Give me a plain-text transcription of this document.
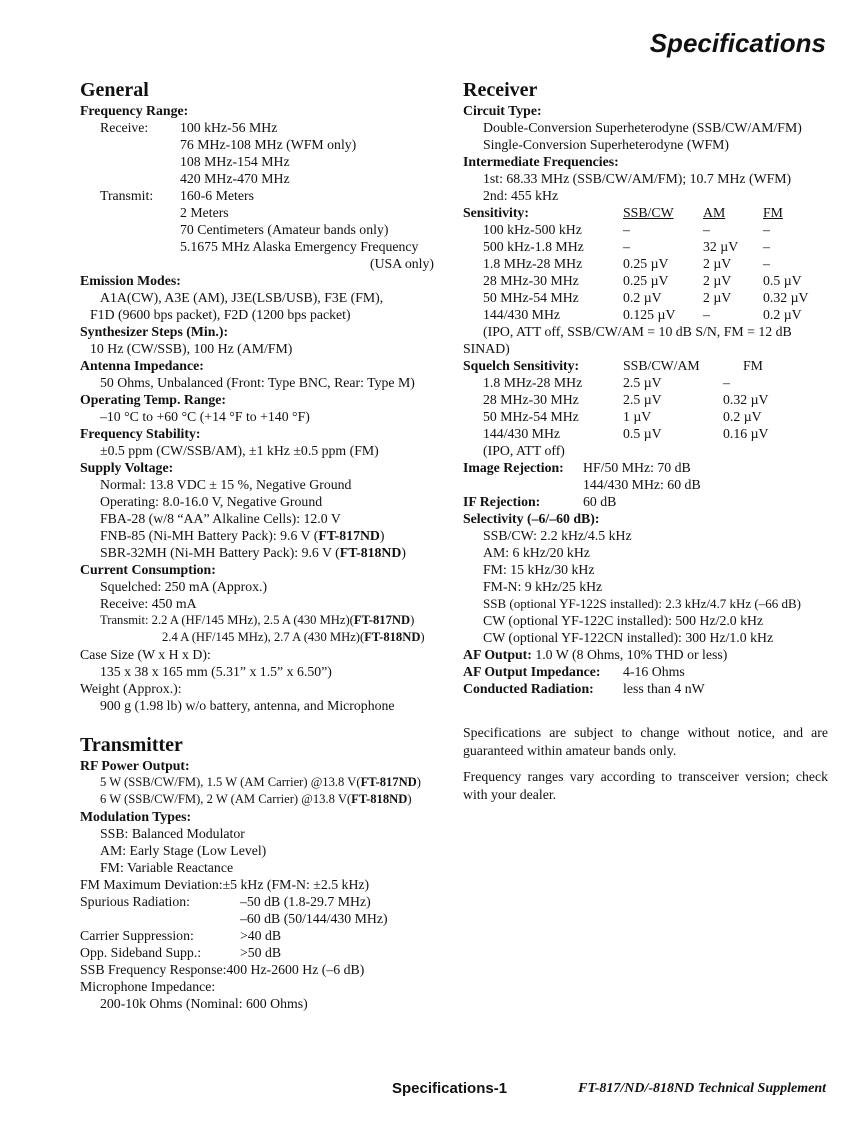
Specifications
General
Frequency Range:
Receive: 100 kHz-56 MHz
76 MHz-108 MHz (WFM only)
108 MHz-154 MHz
420 MHz-470 MHz
Transmit: 160-6 Meters
2 Meters
70 Centimeters (Amateur bands only)
5.1675 MHz Alaska Emergency Frequency
(USA only)
Emission Modes:
A1A(CW), A3E (AM), J3E(LSB/USB), F3E (FM),
F1D (9600 bps packet), F2D (1200 bps packet)
Synthesizer Steps (Min.):
10 Hz (CW/SSB), 100 Hz (AM/FM)
Antenna Impedance:
50 Ohms, Unbalanced (Front: Type BNC, Rear: Type M)
Operating Temp. Range:
–10 °C to +60 °C (+14 °F to +140 °F)
Frequency Stability:
±0.5 ppm (CW/SSB/AM), ±1 kHz ±0.5 ppm (FM)
Supply Voltage:
Normal: 13.8 VDC ± 15 %, Negative Ground
Operating: 8.0-16.0 V, Negative Ground
FBA-28 (w/8 “AA” Alkaline Cells): 12.0 V
FNB-85 (Ni-MH Battery Pack): 9.6 V (FT-817ND)
SBR-32MH (Ni-MH Battery Pack): 9.6 V (FT-818ND)
Current Consumption:
Squelched: 250 mA (Approx.)
Receive: 450 mA
Transmit: 2.2 A (HF/145 MHz), 2.5 A (430 MHz)(FT-817ND)
2.4 A (HF/145 MHz), 2.7 A (430 MHz)(FT-818ND)
Case Size (W x H x D):
135 x 38 x 165 mm (5.31” x 1.5” x 6.50”)
Weight (Approx.):
900 g (1.98 lb) w/o battery, antenna, and Microphone
Transmitter
RF Power Output:
5 W (SSB/CW/FM), 1.5 W (AM Carrier) @13.8 V(FT-817ND)
6 W (SSB/CW/FM), 2 W (AM Carrier) @13.8 V(FT-818ND)
Modulation Types:
SSB: Balanced Modulator
AM: Early Stage (Low Level)
FM: Variable Reactance
FM Maximum Deviation:±5 kHz (FM-N: ±2.5 kHz)
Spurious Radiation:	–50 dB (1.8-29.7 MHz)
–60 dB (50/144/430 MHz)
Carrier Suppression:	>40 dB
Opp. Sideband Supp.:	>50 dB
SSB Frequency Response:400 Hz-2600 Hz (–6 dB)
Microphone Impedance:
200-10k Ohms (Nominal: 600 Ohms)
Receiver
Circuit Type:
Double-Conversion Superheterodyne (SSB/CW/AM/FM)
Single-Conversion Superheterodyne (WFM)
Intermediate Frequencies:
1st: 68.33 MHz (SSB/CW/AM/FM); 10.7 MHz (WFM)
2nd: 455 kHz
Sensitivity:	SSB/CW AM	FM
100 kHz-500 kHz	–	–	–
500 kHz-1.8 MHz	–	32 µV –
1.8 MHz-28 MHz	0.25 µV 2 µV –
28 MHz-30 MHz	0.25 µV 2 µV 0.5 µV
50 MHz-54 MHz	0.2 µV	2 µV 0.32 µV
144/430 MHz	0.125 µV –	0.2 µV
(IPO, ATT off, SSB/CW/AM = 10 dB S/N, FM = 12 dB
SINAD)
Squelch Sensitivity:	SSB/CW/AM	FM
1.8 MHz-28 MHz	2.5 µV	–
28 MHz-30 MHz	2.5 µV	0.32 µV
50 MHz-54 MHz	1 µV	0.2 µV
144/430 MHz	0.5 µV	0.16 µV
(IPO, ATT off)
Image Rejection: HF/50 MHz: 70 dB
144/430 MHz: 60 dB
IF Rejection:	60 dB
Selectivity (–6/–60 dB):
SSB/CW: 2.2 kHz/4.5 kHz
AM: 6 kHz/20 kHz
FM: 15 kHz/30 kHz
FM-N: 9 kHz/25 kHz
SSB (optional YF-122S installed): 2.3 kHz/4.7 kHz (–66 dB)
CW (optional YF-122C installed): 500 Hz/2.0 kHz
CW (optional YF-122CN installed): 300 Hz/1.0 kHz
AF Output: 1.0 W (8 Ohms, 10% THD or less)
AF Output Impedance: 4-16 Ohms
Conducted Radiation: less than 4 nW
Specifications are subject to change without notice, and are guaranteed within amateur bands only.
Frequency ranges vary according to transceiver version; check with your dealer.
Specifications-1	FT-817/ND/-818ND Technical Supplement
